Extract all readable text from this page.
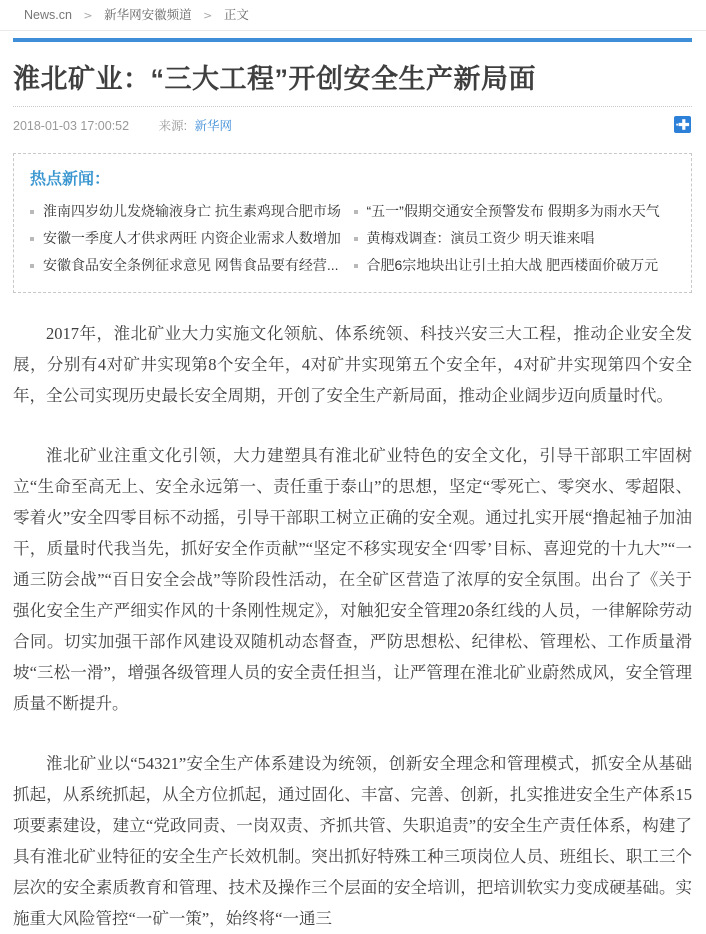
News.cn > 新华网安徽频道 > 正文
淮北矿业：“三大工程”开创安全生产新局面
2018-01-03 17:00:52 来源: 新华网
热点新闻：
淮南四岁幼儿发烧输液身亡 抗生素鸡现合肥市场
安徽一季度人才供求两旺 内资企业需求人数增加
安徽食品安全条例征求意见 网售食品要有经营...
“五一”假期交通安全预警发布 假期多为雨水天气
黄梅戏调查：演员工资少 明天谁来唱
合肥6宗地块出让引土拍大战 肥西楼面价破万元

2017年，淮北矿业大力实施文化领航、体系统领、科技兴安三大工程，推动企业安全发展，分别有4对矿井实现第8个安全年，4对矿井实现第五个安全年，4对矿井实现第四个安全年，全公司实现历史最长安全周期，开创了安全生产新局面，推动企业阔步迈向质量时代。

淮北矿业注重文化引领，大力建塑具有淮北矿业特色的安全文化，引导干部职工牢固树立“生命至高无上、安全永远第一、责任重于泰山”的思想，坚定“零死亡、零突水、零超限、零着火”安全四零目标不动摇，引导干部职工树立正确的安全观。通过扎实开展“撸起袖子加油干，质量时代我当先，抓好安全作贡献”“坚定不移实现安全‘四零’目标、喜迎党的十九大”“一通三防会战”“百日安全会战”等阶段性活动，在全矿区营造了浓厚的安全氛围。出台了《关于强化安全生产严细实作风的十条刚性规定》，对触犯安全管理20条红线的人员，一律解除劳动合同。切实加强干部作风建设双随机动态督查，严防思想松、纪律松、管理松、工作质量滑坡“三松一滑”，增强各级管理人员的安全责任担当，让严管理在淮北矿业蔚然成风，安全管理质量不断提升。

淮北矿业以“54321”安全生产体系建设为统领，创新安全理念和管理模式，抓安全从基础抓起，从系统抓起，从全方位抓起，通过固化、丰富、完善、创新，扎实推进安全生产体系15项要素建设，建立“党政同责、一岗双责、齐抓共管、失职追责”的安全生产责任体系，构建了具有淮北矿业特征的安全生产长效机制。突出抓好特殊工种三项岗位人员、班组长、职工三个层次的安全素质教育和管理、技术及操作三个层面的安全培训，把培训软实力变成硬基础。实施重大风险管控“一矿一策”，始终将“一通三
